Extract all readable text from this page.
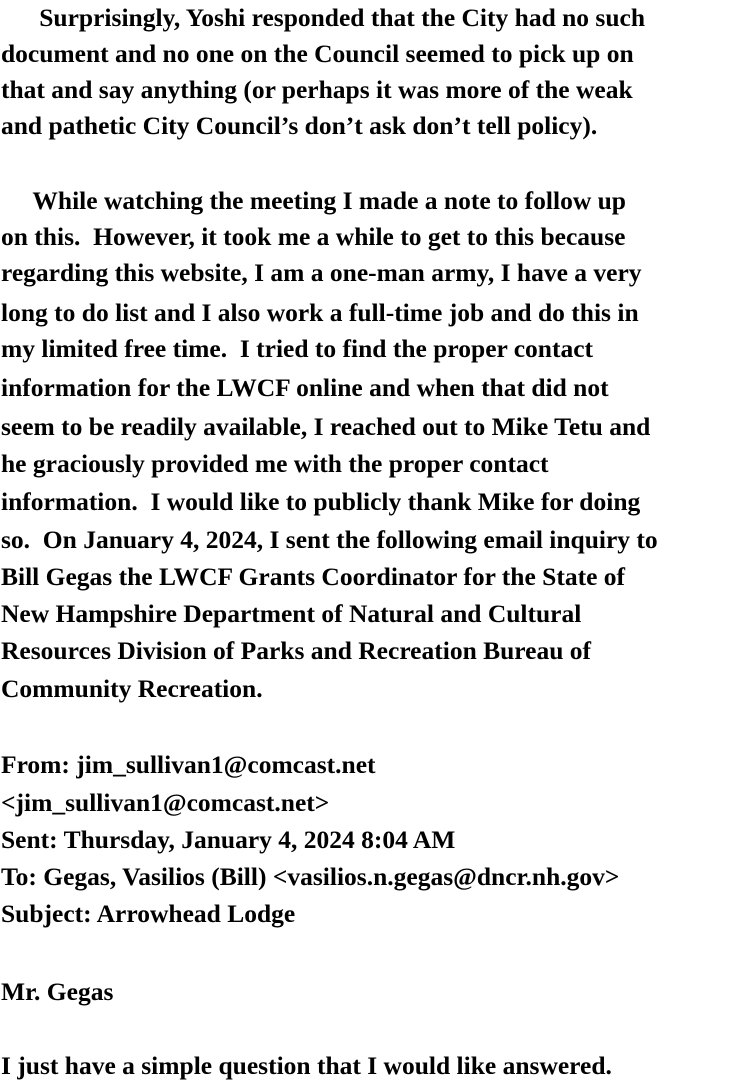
Surprisingly, Yoshi responded that the City had no such
document and no one on the Council seemed to pick up on
that and say anything (or perhaps it was more of the weak
and pathetic City Council’s don’t ask don’t tell policy).
While watching the meeting I made a note to follow up
on this.  However, it took me a while to get to this because
regarding this website, I am a one-man army, I have a very
long to do list and I also work a full-time job and do this in
my limited free time.  I tried to find the proper contact
information for the LWCF online and when that did not
seem to be readily available, I reached out to Mike Tetu and
he graciously provided me with the proper contact
information.  I would like to publicly thank Mike for doing
so.  On January 4, 2024, I sent the following email inquiry to
Bill Gegas the LWCF Grants Coordinator for the State of
New Hampshire Department of Natural and Cultural
Resources Division of Parks and Recreation Bureau of
Community Recreation.
From: jim_sullivan1@comcast.net
<jim_sullivan1@comcast.net>
Sent: Thursday, January 4, 2024 8:04 AM
To: Gegas, Vasilios (Bill) <vasilios.n.gegas@dncr.nh.gov>
Subject: Arrowhead Lodge
Mr. Gegas
I just have a simple question that I would like answered.
